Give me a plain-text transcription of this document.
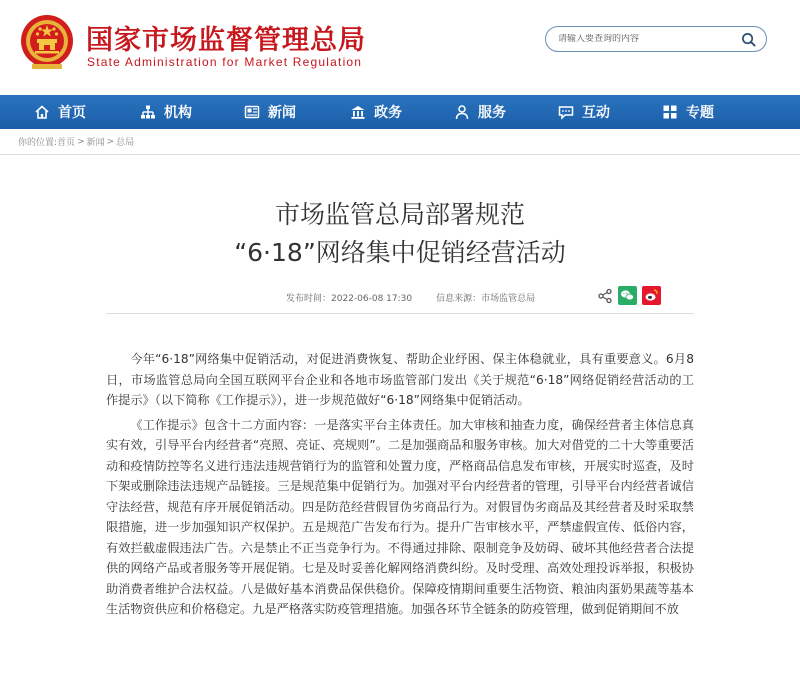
国家市场监督管理总局
State Administration for Market Regulation
请输入要查询的内容
首页	机构	新闻	政务	服务	互动	专题
你的位置: 首页 > 新闻 > 总局
市场监管总局部署规范
“6·18”网络集中促销经营活动
发布时间：2022-06-08 17:30	信息来源：市场监管总局

今年“6·18”网络集中促销活动，对促进消费恢复、帮助企业纾困、保主体稳就业，具有重要意义。6月8日，市场监管总局向全国互联网平台企业和各地市场监管部门发出《关于规范“6·18”网络促销经营活动的工作提示》（以下简称《工作提示》），进一步规范做好“6·18”网络集中促销活动。

《工作提示》包含十二方面内容：一是落实平台主体责任。加大审核和抽查力度，确保经营者主体信息真实有效，引导平台内经营者“亮照、亮证、亮规则”。二是加强商品和服务审核。加大对借党的二十大等重要活动和疫情防控等名义进行违法违规营销行为的监管和处置力度，严格商品信息发布审核，开展实时巡查，及时下架或删除违法违规产品链接。三是规范集中促销行为。加强对平台内经营者的管理，引导平台内经营者诚信守法经营，规范有序开展促销活动。四是防范经营假冒伪劣商品行为。对假冒伪劣商品及其经营者及时采取禁限措施，进一步加强知识产权保护。五是规范广告发布行为。提升广告审核水平，严禁虚假宣传、低俗内容，有效拦截虚假违法广告。六是禁止不正当竞争行为。不得通过排除、限制竞争及妨碍、破坏其他经营者合法提供的网络产品或者服务等开展促销。七是及时妥善化解网络消费纠纷。及时受理、高效处理投诉举报，积极协助消费者维护合法权益。八是做好基本消费品保供稳价。保障疫情期间重要生活物资、粮油肉蛋奶果蔬等基本生活物资供应和价格稳定。九是严格落实防疫管理措施。加强各环节全链条的防疫管理，做到促销期间不放
